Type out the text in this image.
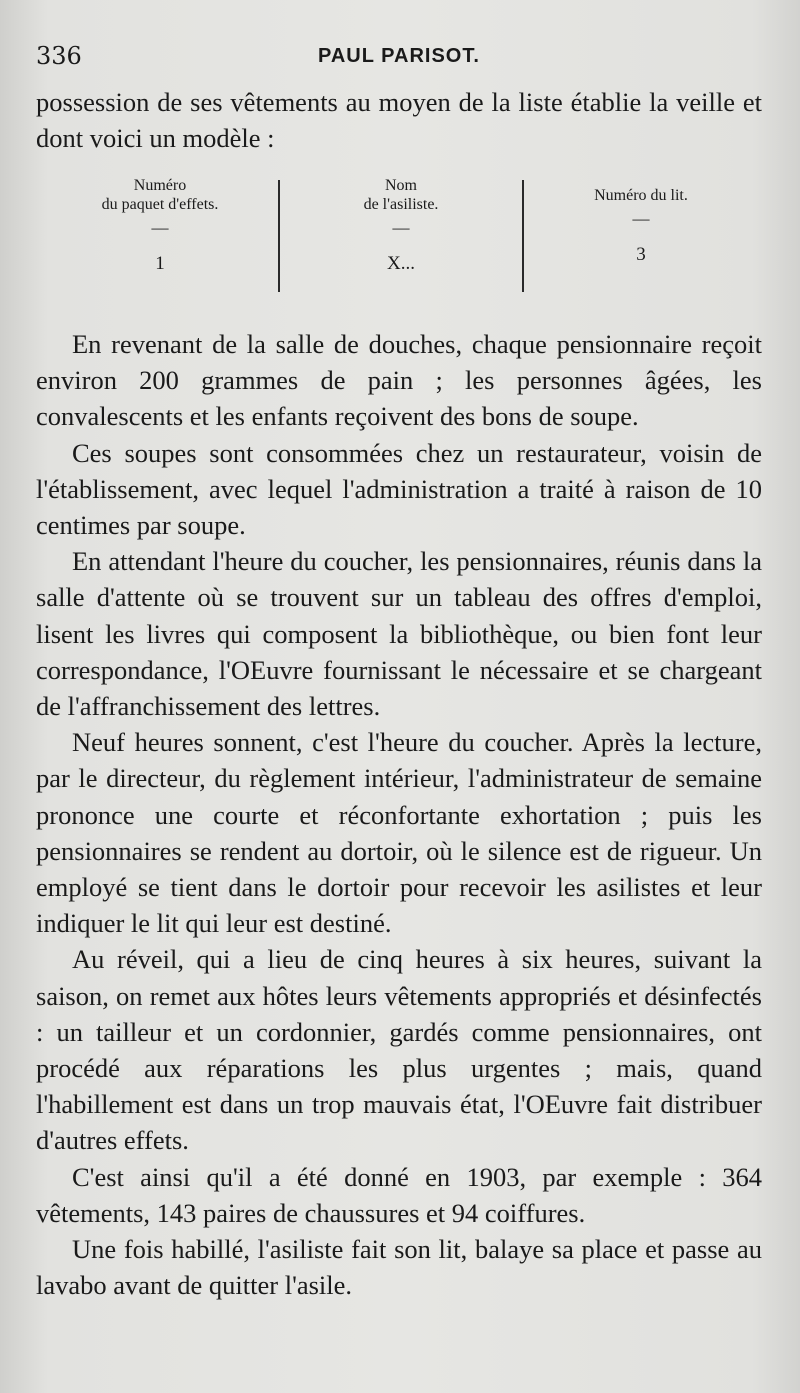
336	PAUL PARISOT.
possession de ses vêtements au moyen de la liste établie la veille et dont voici un modèle :
Numéro
du paquet d'effets.
—
1
Nom
de l'asiliste.
—
X...
Numéro du lit.
—
3

En revenant de la salle de douches, chaque pensionnaire reçoit environ 200 grammes de pain ; les personnes âgées, les convalescents et les enfants reçoivent des bons de soupe.

Ces soupes sont consommées chez un restaurateur, voisin de l'établissement, avec lequel l'administration a traité à raison de 10 centimes par soupe.

En attendant l'heure du coucher, les pensionnaires, réunis dans la salle d'attente où se trouvent sur un tableau des offres d'emploi, lisent les livres qui composent la bibliothèque, ou bien font leur correspondance, l'OEuvre fournissant le nécessaire et se chargeant de l'affranchissement des lettres.

Neuf heures sonnent, c'est l'heure du coucher. Après la lecture, par le directeur, du règlement intérieur, l'administrateur de semaine prononce une courte et réconfortante exhortation ; puis les pensionnaires se rendent au dortoir, où le silence est de rigueur. Un employé se tient dans le dortoir pour recevoir les asilistes et leur indiquer le lit qui leur est destiné.

Au réveil, qui a lieu de cinq heures à six heures, suivant la saison, on remet aux hôtes leurs vêtements appropriés et désinfectés : un tailleur et un cordonnier, gardés comme pensionnaires, ont procédé aux réparations les plus urgentes ; mais, quand l'habillement est dans un trop mauvais état, l'OEuvre fait distribuer d'autres effets.

C'est ainsi qu'il a été donné en 1903, par exemple : 364 vêtements, 143 paires de chaussures et 94 coiffures.

Une fois habillé, l'asiliste fait son lit, balaye sa place et passe au lavabo avant de quitter l'asile.
